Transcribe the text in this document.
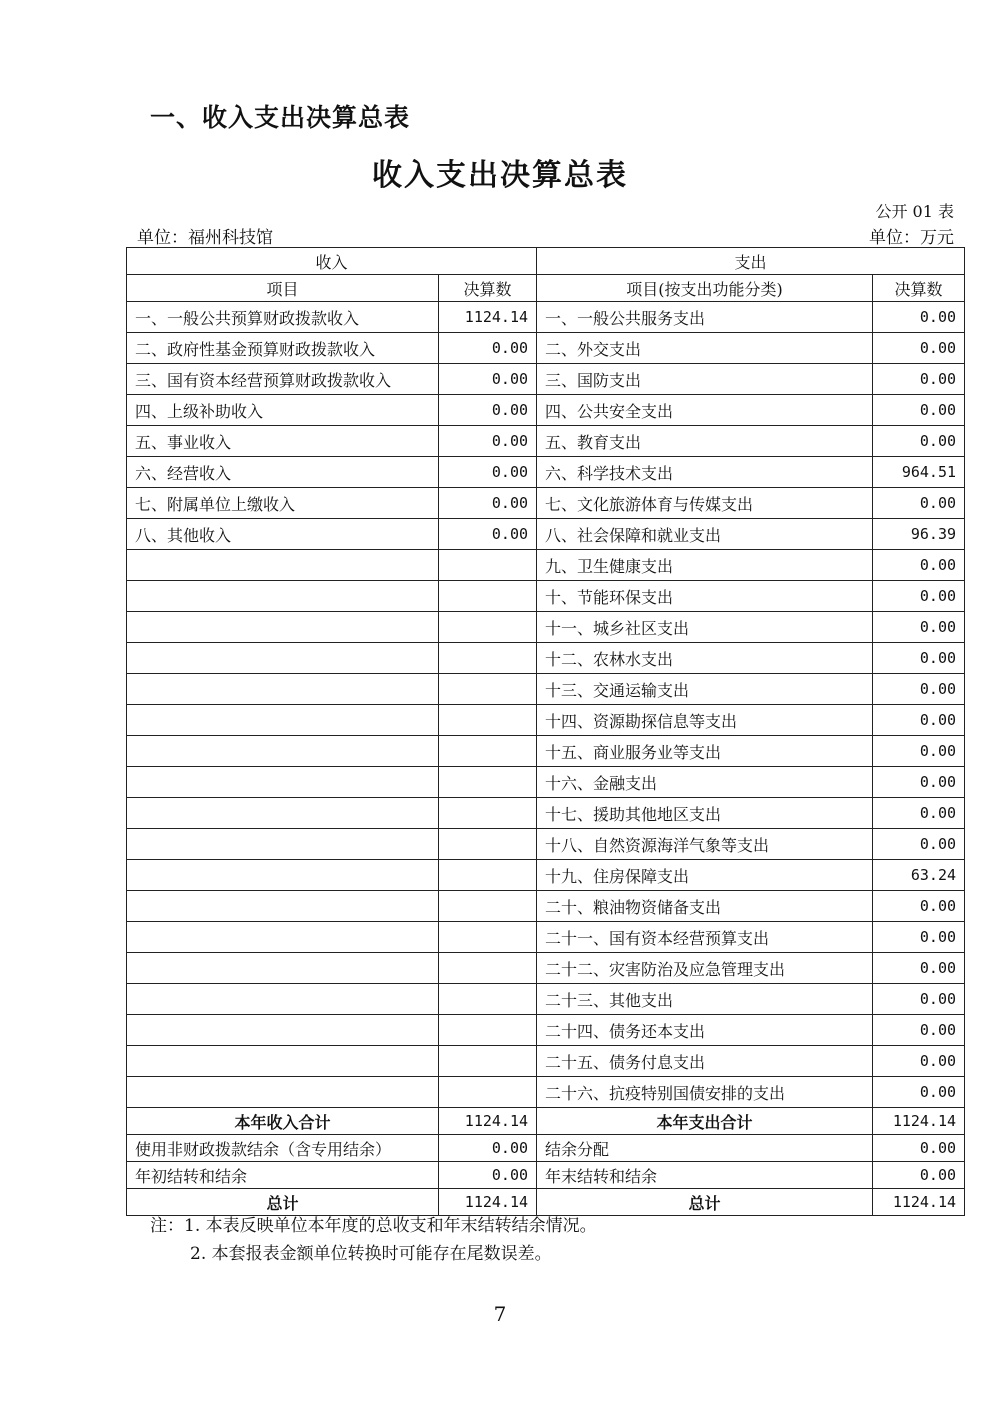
一、收入支出决算总表
收入支出决算总表
公开 01 表
单位：福州科技馆	单位：万元
收入		支出	
项目	决算数	项目(按支出功能分类)	决算数
一、一般公共预算财政拨款收入	1124.14	一、一般公共服务支出	0.00
二、政府性基金预算财政拨款收入	0.00	二、外交支出	0.00
三、国有资本经营预算财政拨款收入	0.00	三、国防支出	0.00
四、上级补助收入	0.00	四、公共安全支出	0.00
五、事业收入	0.00	五、教育支出	0.00
六、经营收入	0.00	六、科学技术支出	964.51
七、附属单位上缴收入	0.00	七、文化旅游体育与传媒支出	0.00
八、其他收入	0.00	八、社会保障和就业支出	96.39
		九、卫生健康支出	0.00
		十、节能环保支出	0.00
		十一、城乡社区支出	0.00
		十二、农林水支出	0.00
		十三、交通运输支出	0.00
		十四、资源勘探信息等支出	0.00
		十五、商业服务业等支出	0.00
		十六、金融支出	0.00
		十七、援助其他地区支出	0.00
		十八、自然资源海洋气象等支出	0.00
		十九、住房保障支出	63.24
		二十、粮油物资储备支出	0.00
		二十一、国有资本经营预算支出	0.00
		二十二、灾害防治及应急管理支出	0.00
		二十三、其他支出	0.00
		二十四、债务还本支出	0.00
		二十五、债务付息支出	0.00
		二十六、抗疫特别国债安排的支出	0.00
本年收入合计	1124.14	本年支出合计	1124.14
使用非财政拨款结余（含专用结余）	0.00	结余分配	0.00
年初结转和结余	0.00	年末结转和结余	0.00
总计	1124.14	总计	1124.14
注：1. 本表反映单位本年度的总收支和年末结转结余情况。
2. 本套报表金额单位转换时可能存在尾数误差。
7
